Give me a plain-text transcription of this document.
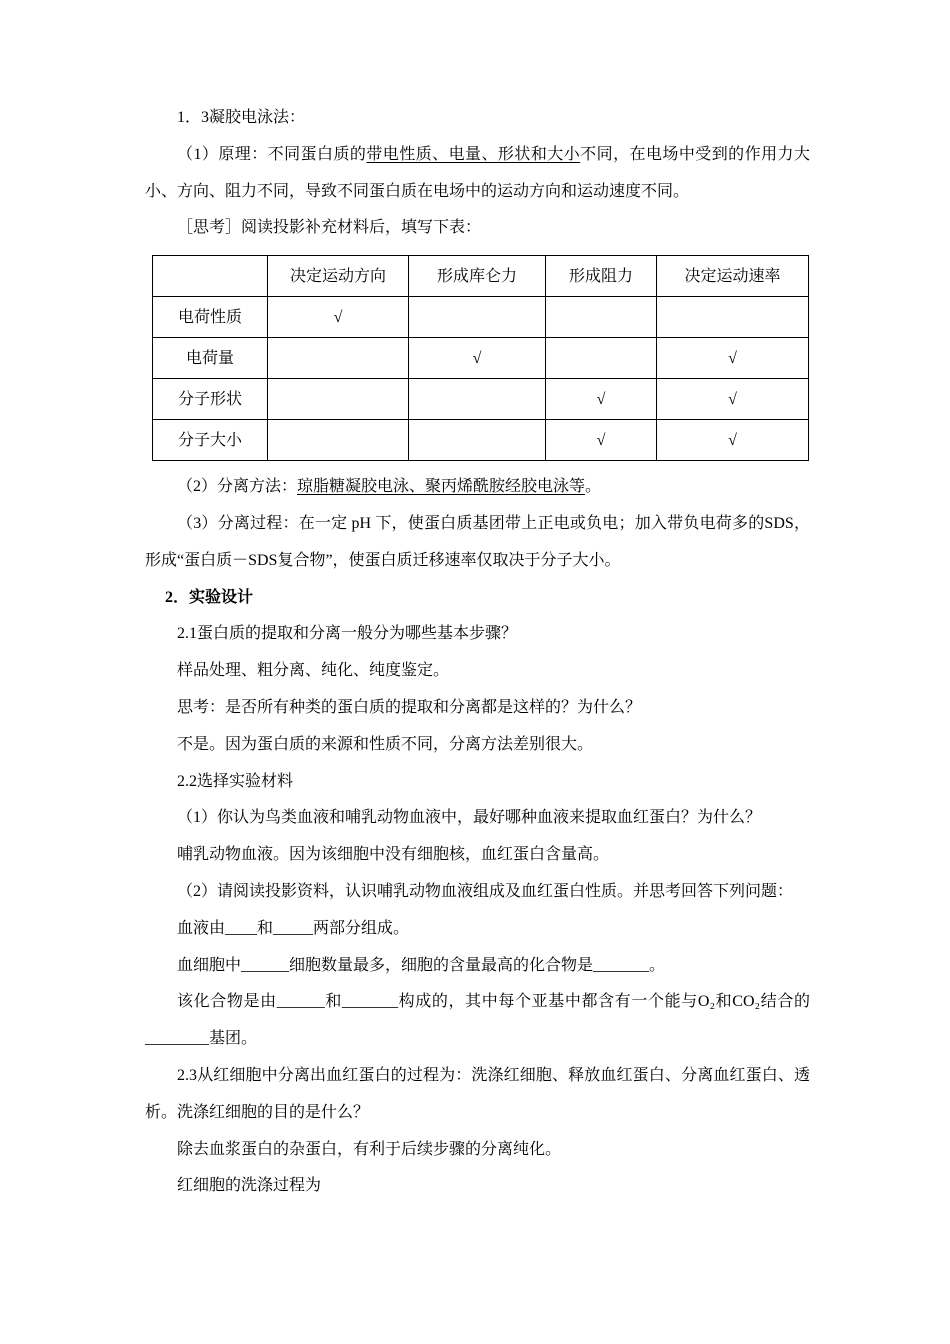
1．3凝胶电泳法：

（1）原理：不同蛋白质的带电性质、电量、形状和大小不同，在电场中受到的作用力大小、方向、阻力不同，导致不同蛋白质在电场中的运动方向和运动速度不同。

［思考］阅读投影补充材料后，填写下表：

	决定运动方向	形成库仑力	形成阻力	决定运动速率
电荷性质	√			
电荷量		√		√
分子形状			√	√
分子大小			√	√

（2）分离方法：琼脂糖凝胶电泳、聚丙烯酰胺经胶电泳等。

（3）分离过程：在一定 pH 下，使蛋白质基团带上正电或负电；加入带负电荷多的SDS，形成“蛋白质－SDS复合物”，使蛋白质迁移速率仅取决于分子大小。

2．实验设计

2.1蛋白质的提取和分离一般分为哪些基本步骤？

样品处理、粗分离、纯化、纯度鉴定。

思考：是否所有种类的蛋白质的提取和分离都是这样的？为什么？

不是。因为蛋白质的来源和性质不同，分离方法差别很大。

2.2选择实验材料

（1）你认为鸟类血液和哺乳动物血液中，最好哪种血液来提取血红蛋白？为什么？

哺乳动物血液。因为该细胞中没有细胞核，血红蛋白含量高。

（2）请阅读投影资料，认识哺乳动物血液组成及血红蛋白性质。并思考回答下列问题：

血液由____和_____两部分组成。

血细胞中______细胞数量最多，细胞的含量最高的化合物是_______。

该化合物是由______和_______构成的，其中每个亚基中都含有一个能与O₂和CO₂结合的________基团。

2.3从红细胞中分离出血红蛋白的过程为：洗涤红细胞、释放血红蛋白、分离血红蛋白、透析。洗涤红细胞的目的是什么？

除去血浆蛋白的杂蛋白，有利于后续步骤的分离纯化。

红细胞的洗涤过程为
